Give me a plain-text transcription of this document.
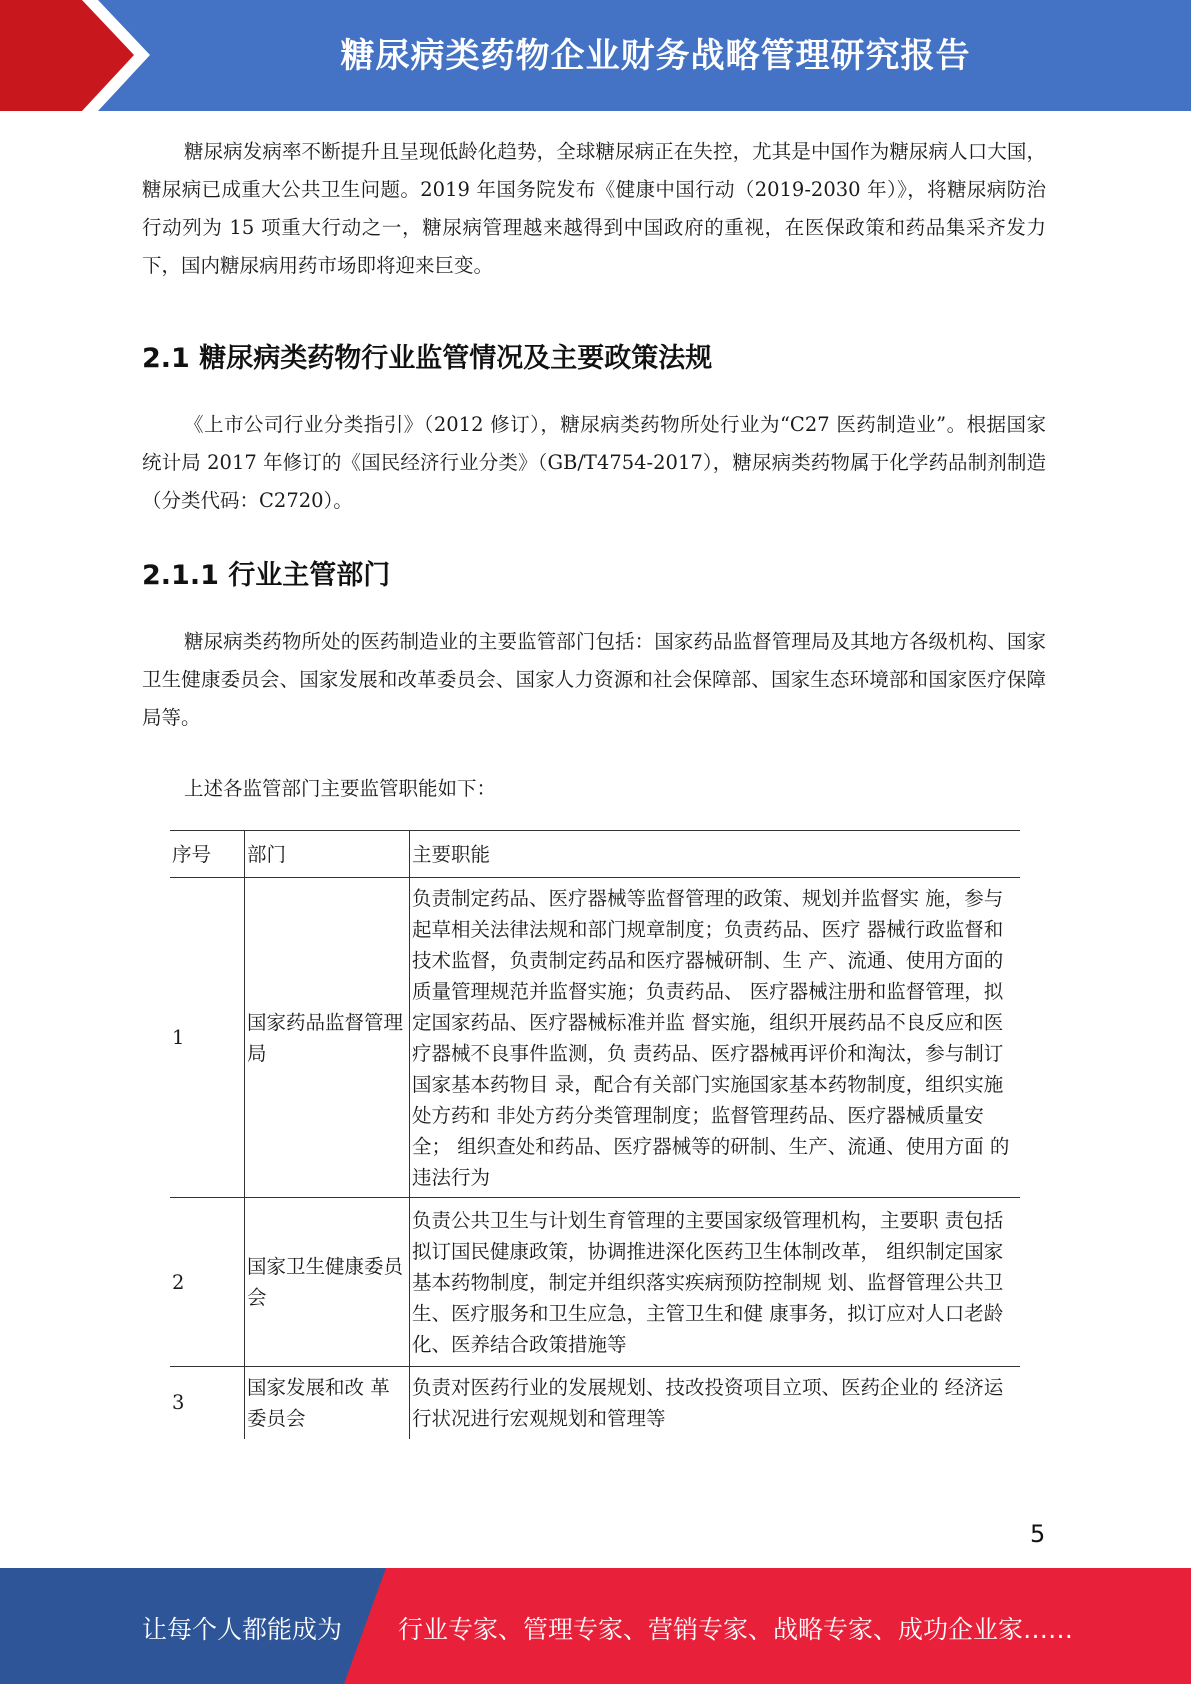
糖尿病类药物企业财务战略管理研究报告

糖尿病发病率不断提升且呈现低龄化趋势，全球糖尿病正在失控，尤其是中国作为糖尿病人口大国，糖尿病已成重大公共卫生问题。2019 年国务院发布《健康中国行动（2019-2030 年）》，将糖尿病防治行动列为 15 项重大行动之一，糖尿病管理越来越得到中国政府的重视，在医保政策和药品集采齐发力下，国内糖尿病用药市场即将迎来巨变。

2.1 糖尿病类药物行业监管情况及主要政策法规

《上市公司行业分类指引》（2012 修订），糖尿病类药物所处行业为“C27 医药制造业”。根据国家统计局 2017 年修订的《国民经济行业分类》（GB/T4754-2017），糖尿病类药物属于化学药品制剂制造（分类代码：C2720）。

2.1.1 行业主管部门

糖尿病类药物所处的医药制造业的主要监管部门包括：国家药品监督管理局及其地方各级机构、国家卫生健康委员会、国家发展和改革委员会、国家人力资源和社会保障部、国家生态环境部和国家医疗保障局等。

上述各监管部门主要监管职能如下：
序号	部门	主要职能
1	国家药品监督管理局	负责制定药品、医疗器械等监督管理的政策、规划并监督实 施，参与起草相关法律法规和部门规章制度；负责药品、医疗 器械行政监督和技术监督，负责制定药品和医疗器械研制、生 产、流通、使用方面的质量管理规范并监督实施；负责药品、 医疗器械注册和监督管理，拟定国家药品、医疗器械标准并监 督实施，组织开展药品不良反应和医疗器械不良事件监测，负 责药品、医疗器械再评价和淘汰，参与制订国家基本药物目 录，配合有关部门实施国家基本药物制度，组织实施处方药和 非处方药分类管理制度；监督管理药品、医疗器械质量安全； 组织查处和药品、医疗器械等的研制、生产、流通、使用方面 的违法行为
2	国家卫生健康委员会	负责公共卫生与计划生育管理的主要国家级管理机构，主要职 责包括拟订国民健康政策，协调推进深化医药卫生体制改革， 组织制定国家基本药物制度，制定并组织落实疾病预防控制规 划、监督管理公共卫生、医疗服务和卫生应急，主管卫生和健 康事务，拟订应对人口老龄化、医养结合政策措施等
3	国家发展和改 革委员会	负责对医药行业的发展规划、技改投资项目立项、医药企业的 经济运行状况进行宏观规划和管理等
5
让每个人都能成为 行业专家、管理专家、营销专家、战略专家、成功企业家……
